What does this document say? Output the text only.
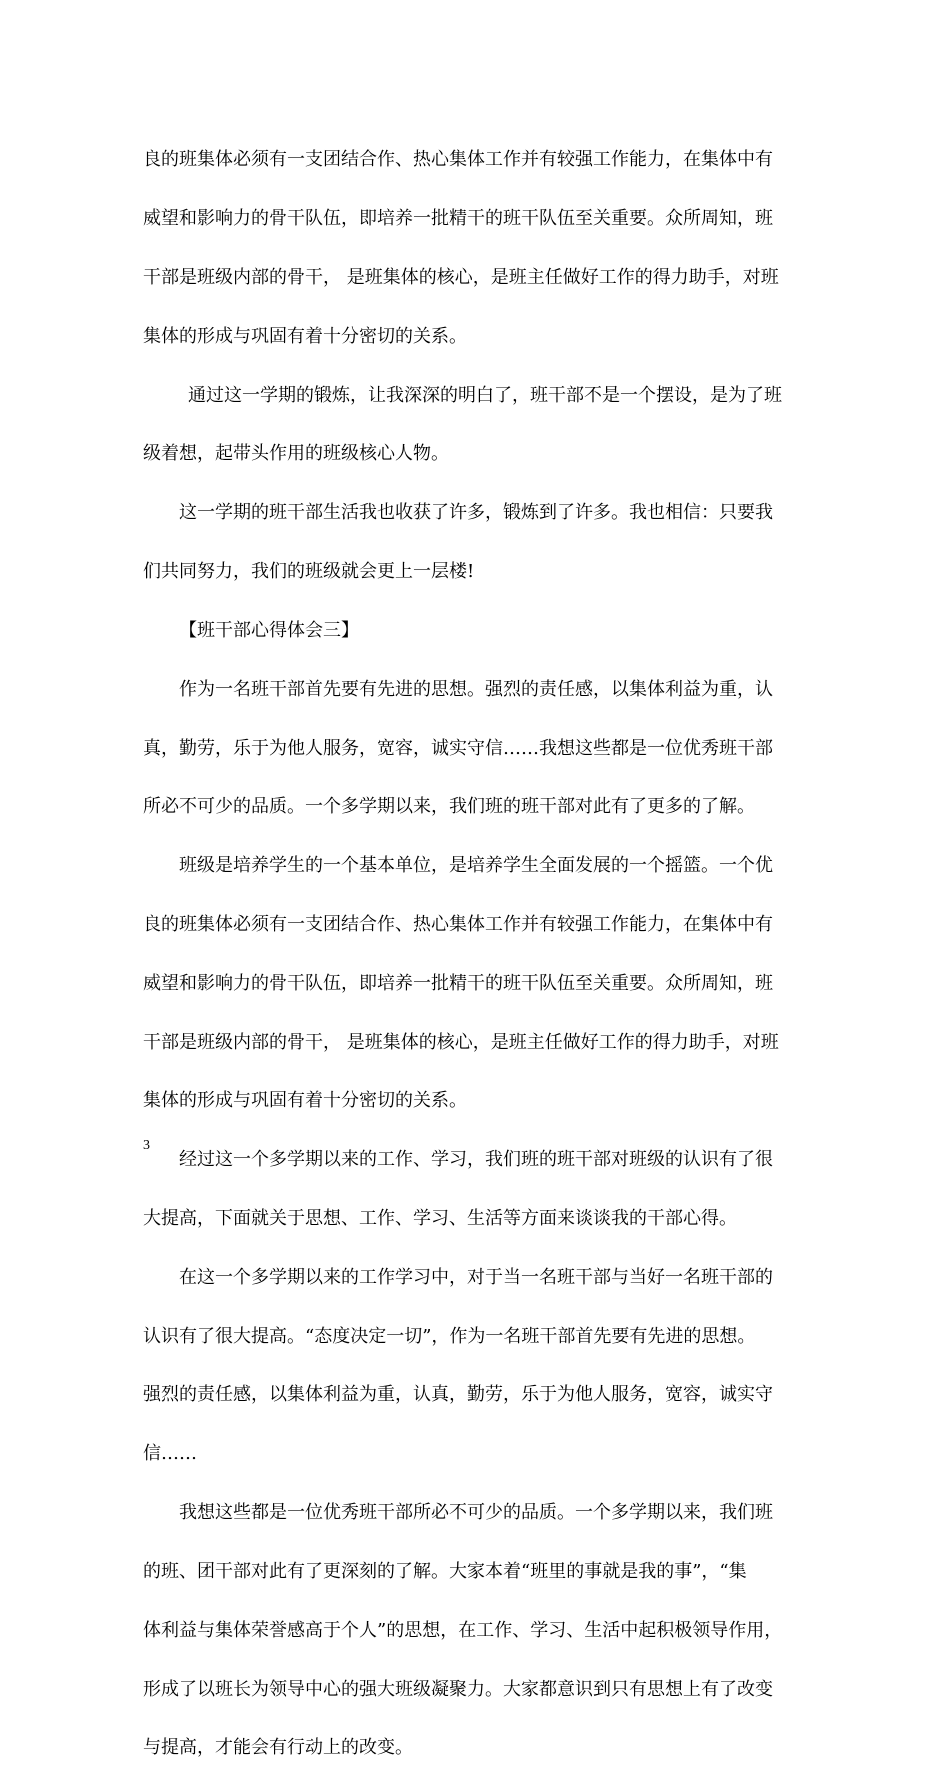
良的班集体必须有一支团结合作、热心集体工作并有较强工作能力，在集体中有

威望和影响力的骨干队伍，即培养一批精干的班干队伍至关重要。众所周知，班

干部是班级内部的骨干， 是班集体的核心，是班主任做好工作的得力助手，对班

集体的形成与巩固有着十分密切的关系。

通过这一学期的锻炼，让我深深的明白了，班干部不是一个摆设，是为了班

级着想，起带头作用的班级核心人物。

这一学期的班干部生活我也收获了许多，锻炼到了许多。我也相信：只要我

们共同努力，我们的班级就会更上一层楼!

【班干部心得体会三】

作为一名班干部首先要有先进的思想。强烈的责任感，以集体利益为重，认

真，勤劳，乐于为他人服务，宽容，诚实守信……我想这些都是一位优秀班干部

所必不可少的品质。一个多学期以来，我们班的班干部对此有了更多的了解。

班级是培养学生的一个基本单位，是培养学生全面发展的一个摇篮。一个优

良的班集体必须有一支团结合作、热心集体工作并有较强工作能力，在集体中有

威望和影响力的骨干队伍，即培养一批精干的班干队伍至关重要。众所周知，班

干部是班级内部的骨干， 是班集体的核心，是班主任做好工作的得力助手，对班

集体的形成与巩固有着十分密切的关系。

经过这一个多学期以来的工作、学习，我们班的班干部对班级的认识有了很

大提高，下面就关于思想、工作、学习、生活等方面来谈谈我的干部心得。

在这一个多学期以来的工作学习中，对于当一名班干部与当好一名班干部的

认识有了很大提高。“态度决定一切”，作为一名班干部首先要有先进的思想。

强烈的责任感，以集体利益为重，认真，勤劳，乐于为他人服务，宽容，诚实守

信……

我想这些都是一位优秀班干部所必不可少的品质。一个多学期以来，我们班

的班、团干部对此有了更深刻的了解。大家本着“班里的事就是我的事”，“集

体利益与集体荣誉感高于个人”的思想，在工作、学习、生活中起积极领导作用，

形成了以班长为领导中心的强大班级凝聚力。大家都意识到只有思想上有了改变

与提高，才能会有行动上的改变。

3
